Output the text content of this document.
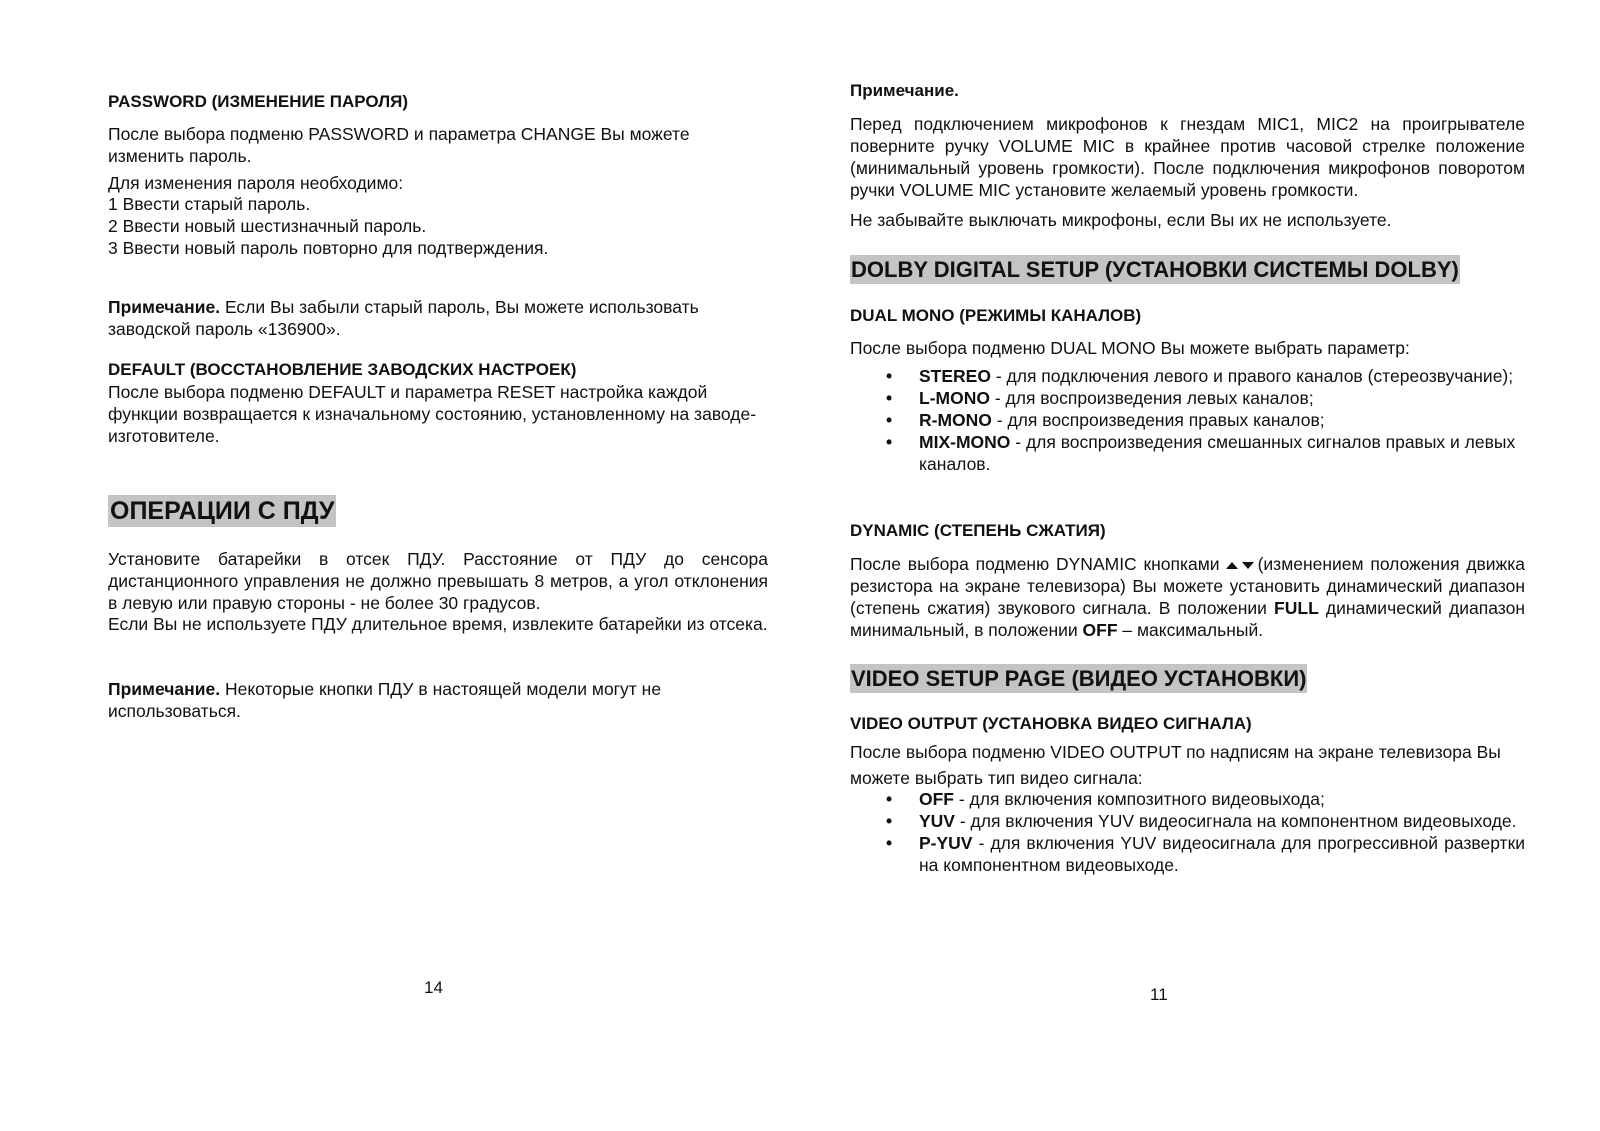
PASSWORD (ИЗМЕНЕНИЕ ПАРОЛЯ)

После выбора подменю PASSWORD и параметра CHANGE Вы можете изменить пароль.

Для изменения пароля необходимо:

1 Ввести старый пароль.
2 Ввести новый шестизначный пароль.
3 Ввести новый пароль повторно для подтверждения.

Примечание. Если Вы забыли старый пароль, Вы можете использовать заводской пароль «136900».

DEFAULT (ВОССТАНОВЛЕНИЕ ЗАВОДСКИХ НАСТРОЕК)

После выбора подменю DEFAULT и параметра RESET настройка каждой функции возвращается к изначальному состоянию, установленному на заводе-изготовителе.

ОПЕРАЦИИ С ПДУ

Установите батарейки в отсек ПДУ. Расстояние от ПДУ до сенсора дистанционного управления не должно превышать 8 метров, а угол отклонения в левую или правую стороны - не более 30 градусов.

Если Вы не используете ПДУ длительное время, извлеките батарейки из отсека.

Примечание. Некоторые кнопки ПДУ в настоящей модели могут не использоваться.

14
Примечание.

Перед подключением микрофонов к гнездам MIC1, MIC2 на проигрывателе поверните ручку VOLUME MIC в крайнее против часовой стрелке положение (минимальный уровень громкости). После подключения микрофонов поворотом ручки VOLUME MIC установите желаемый уровень громкости.

Не забывайте выключать микрофоны, если Вы их не используете.

DOLBY DIGITAL SETUP (УСТАНОВКИ СИСТЕМЫ DOLBY)
DUAL MONO (РЕЖИМЫ КАНАЛОВ)

После выбора подменю DUAL MONO Вы можете выбрать параметр:

• STEREO - для подключения левого и правого каналов (стереозвучание);
• L-MONO - для воспроизведения левых каналов;
• R-MONO - для воспроизведения правых каналов;
• MIX-MONO - для воспроизведения смешанных сигналов правых и левых каналов.
DYNAMIC (СТЕПЕНЬ СЖАТИЯ)

После выбора подменю DYNAMIC кнопками (изменением положения движка резистора на экране телевизора) Вы можете установить динамический диапазон (степень сжатия) звукового сигнала. В положении FULL динамический диапазон минимальный, в положении OFF – максимальный.

VIDEO SETUP PAGE (ВИДЕО УСТАНОВКИ)
VIDEO OUTPUT (УСТАНОВКА ВИДЕО СИГНАЛА)

После выбора подменю VIDEO OUTPUT по надписям на экране телевизора Вы можете выбрать тип видео сигнала:

• OFF - для включения композитного видеовыхода;
• YUV - для включения YUV видеосигнала на компонентном видеовыходе.
• P-YUV - для включения YUV видеосигнала для прогрессивной развертки на компонентном видеовыходе.
11
